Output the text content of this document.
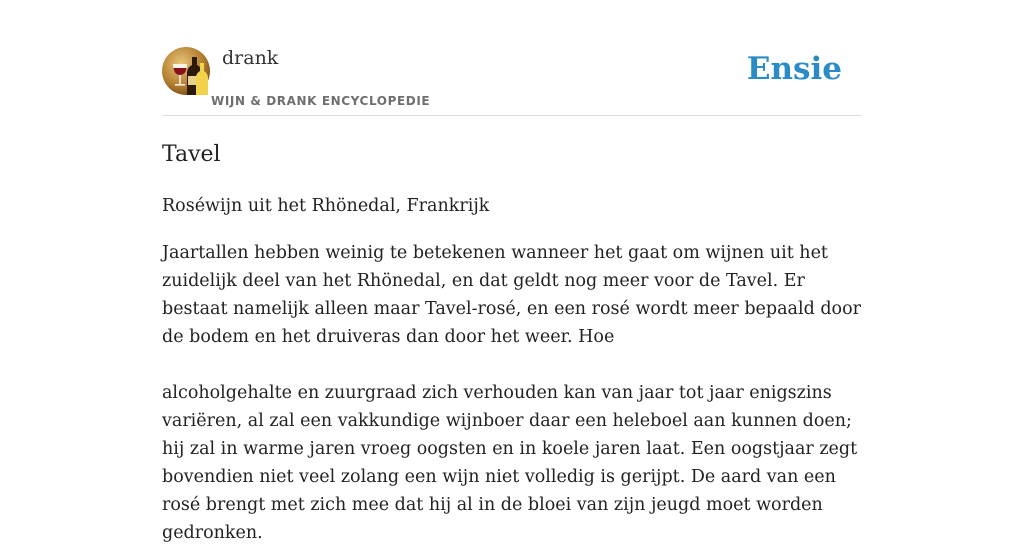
drank
WIJN & DRANK ENCYCLOPEDIE
Ensie
Tavel

Roséwijn uit het Rhönedal, Frankrijk

Jaartallen hebben weinig te betekenen wanneer het gaat om wijnen uit het zuidelijk deel van het Rhönedal, en dat geldt nog meer voor de Tavel. Er bestaat namelijk alleen maar Tavel-rosé, en een rosé wordt meer bepaald door de bodem en het druiveras dan door het weer. Hoe

alcoholgehalte en zuurgraad zich verhouden kan van jaar tot jaar enigszins variëren, al zal een vakkundige wijnboer daar een heleboel aan kunnen doen; hij zal in warme jaren vroeg oogsten en in koele jaren laat. Een oogstjaar zegt bovendien niet veel zolang een wijn niet volledig is gerijpt. De aard van een rosé brengt met zich mee dat hij al in de bloei van zijn jeugd moet worden gedronken.
